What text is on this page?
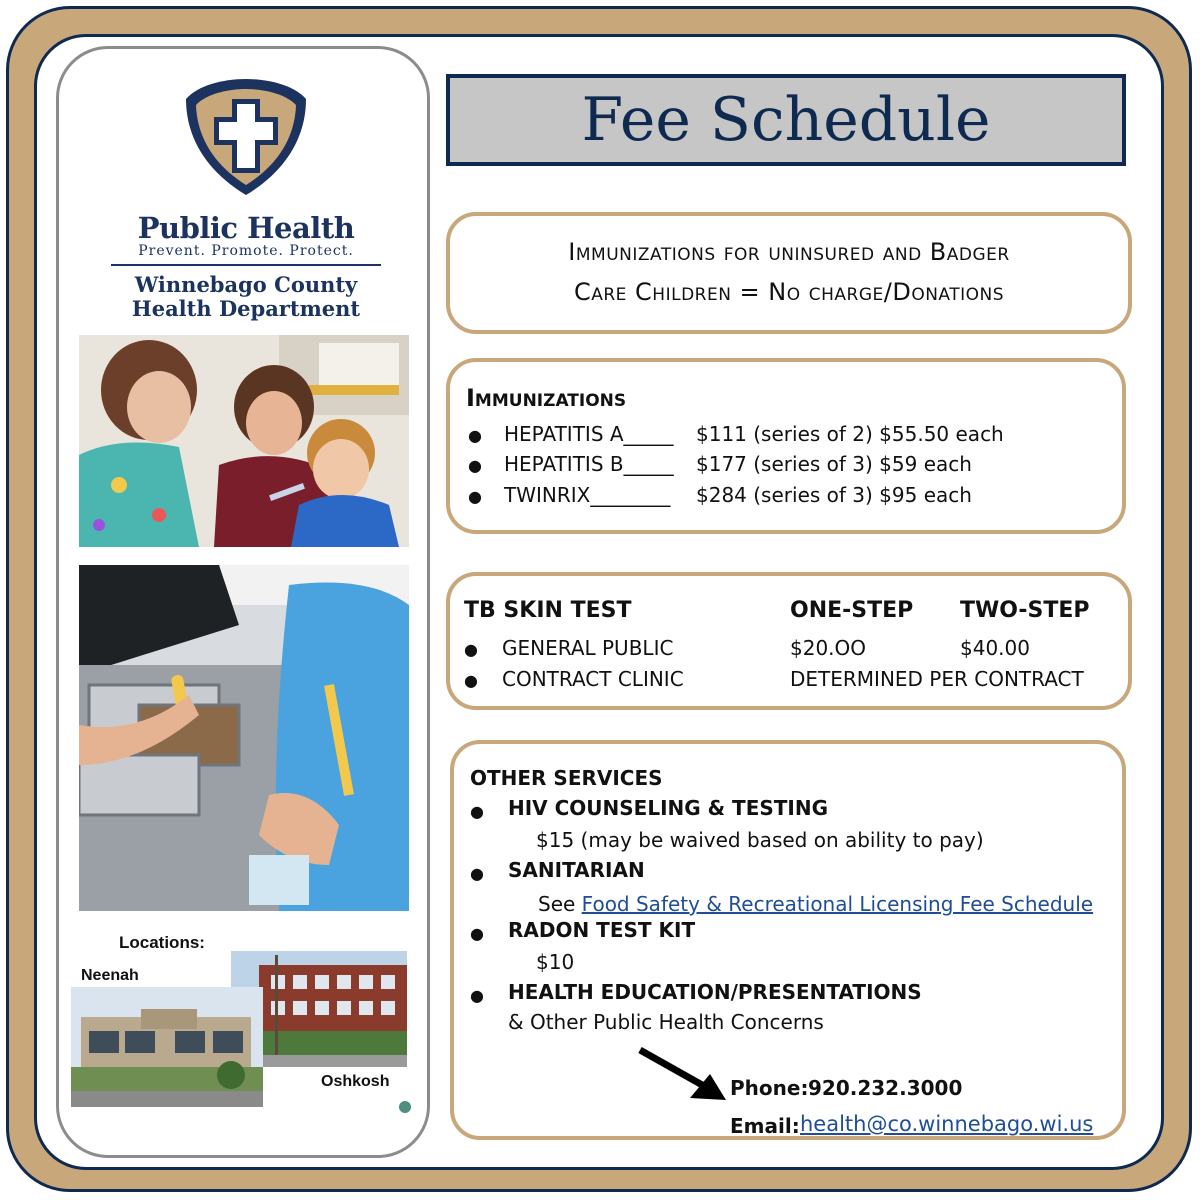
Public Health
Prevent. Promote. Protect.
Winnebago County
Health Department
Locations:
Neenah
Oshkosh
Fee Schedule
Immunizations for uninsured and Badger
Care Children = No charge/Donations
Immunizations
● HEPATITIS A_____ $111 (series of 2) $55.50 each
● HEPATITIS B_____ $177 (series of 3) $59 each
● TWINRIX________ $284 (series of 3) $95 each
TB SKIN TEST	ONE-STEP TWO-STEP
● GENERAL PUBLIC	$20.OO	$40.00
● CONTRACT CLINIC	DETERMINED PER CONTRACT
OTHER SERVICES
● HIV COUNSELING & TESTING
$15 (may be waived based on ability to pay)
● SANITARIAN
See Food Safety & Recreational Licensing Fee Schedule
● RADON TEST KIT
$10
● HEALTH EDUCATION/PRESENTATIONS
& Other Public Health Concerns
Phone: 920.232.3000
Email: health@co.winnebago.wi.us
